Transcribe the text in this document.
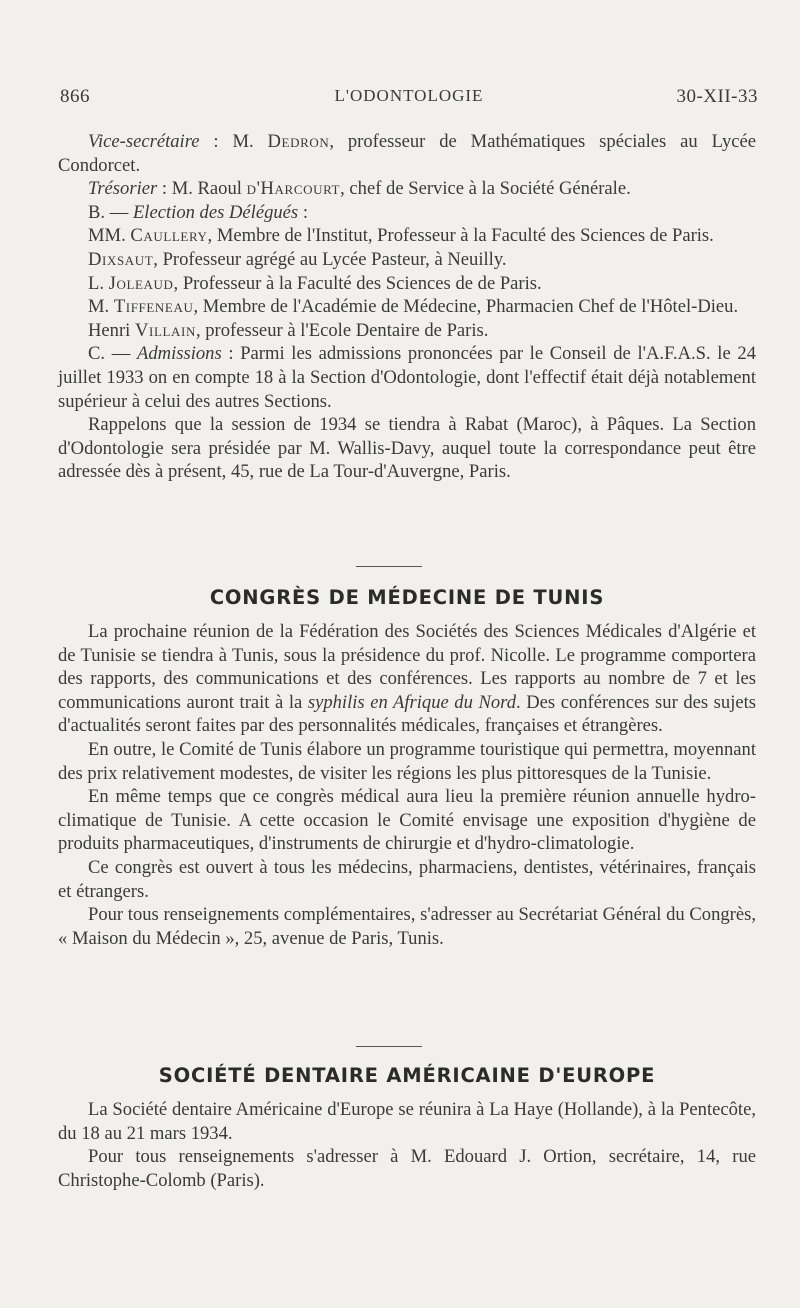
866	L'ODONTOLOGIE	30-XII-33

Vice-secrétaire : M. Dedron, professeur de Mathématiques spéciales au Lycée Condorcet.

Trésorier : M. Raoul d'Harcourt, chef de Service à la Société Générale.

B. — Election des Délégués :

MM. Caullery, Membre de l'Institut, Professeur à la Faculté des Sciences de Paris.

Dixsaut, Professeur agrégé au Lycée Pasteur, à Neuilly.

L. Joleaud, Professeur à la Faculté des Sciences de de Paris.

M. Tiffeneau, Membre de l'Académie de Médecine, Pharmacien Chef de l'Hôtel-Dieu.

Henri Villain, professeur à l'Ecole Dentaire de Paris.

C. — Admissions : Parmi les admissions prononcées par le Conseil de l'A.F.A.S. le 24 juillet 1933 on en compte 18 à la Section d'Odontologie, dont l'effectif était déjà notablement supérieur à celui des autres Sections.

Rappelons que la session de 1934 se tiendra à Rabat (Maroc), à Pâques. La Section d'Odontologie sera présidée par M. Wallis-Davy, auquel toute la correspondance peut être adressée dès à présent, 45, rue de La Tour-d'Auvergne, Paris.

CONGRÈS DE MÉDECINE DE TUNIS

La prochaine réunion de la Fédération des Sociétés des Sciences Médicales d'Algérie et de Tunisie se tiendra à Tunis, sous la présidence du prof. Nicolle. Le programme comportera des rapports, des communications et des conférences. Les rapports au nombre de 7 et les communications auront trait à la syphilis en Afrique du Nord. Des conférences sur des sujets d'actualités seront faites par des personnalités médicales, françaises et étrangères.

En outre, le Comité de Tunis élabore un programme touristique qui permettra, moyennant des prix relativement modestes, de visiter les régions les plus pittoresques de la Tunisie.

En même temps que ce congrès médical aura lieu la première réunion annuelle hydro-climatique de Tunisie. A cette occasion le Comité envisage une exposition d'hygiène de produits pharmaceutiques, d'instruments de chirurgie et d'hydro-climatologie.

Ce congrès est ouvert à tous les médecins, pharmaciens, dentistes, vétérinaires, français et étrangers.

Pour tous renseignements complémentaires, s'adresser au Secrétariat Général du Congrès, « Maison du Médecin », 25, avenue de Paris, Tunis.

SOCIÉTÉ DENTAIRE AMÉRICAINE D'EUROPE

La Société dentaire Américaine d'Europe se réunira à La Haye (Hollande), à la Pentecôte, du 18 au 21 mars 1934.

Pour tous renseignements s'adresser à M. Edouard J. Ortion, secrétaire, 14, rue Christophe-Colomb (Paris).
